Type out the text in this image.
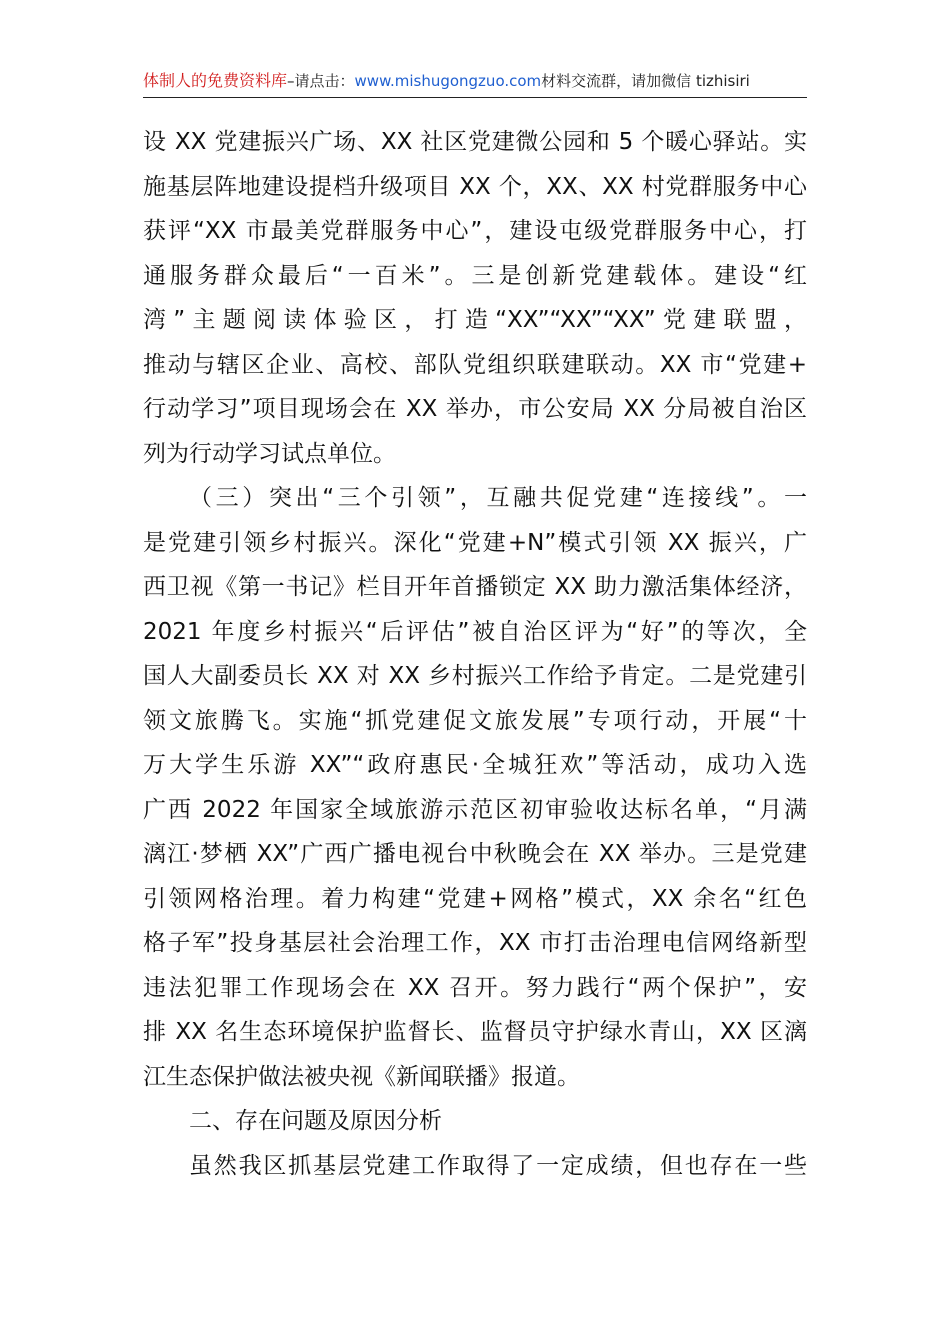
体制人的免费资料库–请点击：www.mishugongzuo.com材料交流群，请加微信 tizhisiri
设 XX 党建振兴广场、XX 社区党建微公园和 5 个暖心驿站。实
施基层阵地建设提档升级项目 XX 个，XX、XX 村党群服务中心
获评“XX 市最美党群服务中心”，建设屯级党群服务中心，打
通服务群众最后“一百米”。三是创新党建载体。建设“红
湾”主题阅读体验区，打造“XX”“XX”“XX”党建联盟，
推动与辖区企业、高校、部队党组织联建联动。XX 市“党建+
行动学习”项目现场会在 XX 举办，市公安局 XX 分局被自治区
列为行动学习试点单位。
（三）突出“三个引领”，互融共促党建“连接线”。一
是党建引领乡村振兴。深化“党建+N”模式引领 XX 振兴，广
西卫视《第一书记》栏目开年首播锁定 XX 助力激活集体经济，
2021 年度乡村振兴“后评估”被自治区评为“好”的等次，全
国人大副委员长 XX 对 XX 乡村振兴工作给予肯定。二是党建引
领文旅腾飞。实施“抓党建促文旅发展”专项行动，开展“十
万大学生乐游 XX”“政府惠民·全城狂欢”等活动，成功入选
广西 2022 年国家全域旅游示范区初审验收达标名单，“月满
漓江·梦栖 XX”广西广播电视台中秋晚会在 XX 举办。三是党建
引领网格治理。着力构建“党建+网格”模式，XX 余名“红色
格子军”投身基层社会治理工作，XX 市打击治理电信网络新型
违法犯罪工作现场会在 XX 召开。努力践行“两个保护”，安
排 XX 名生态环境保护监督长、监督员守护绿水青山，XX 区漓
江生态保护做法被央视《新闻联播》报道。
二、存在问题及原因分析
虽然我区抓基层党建工作取得了一定成绩，但也存在一些
